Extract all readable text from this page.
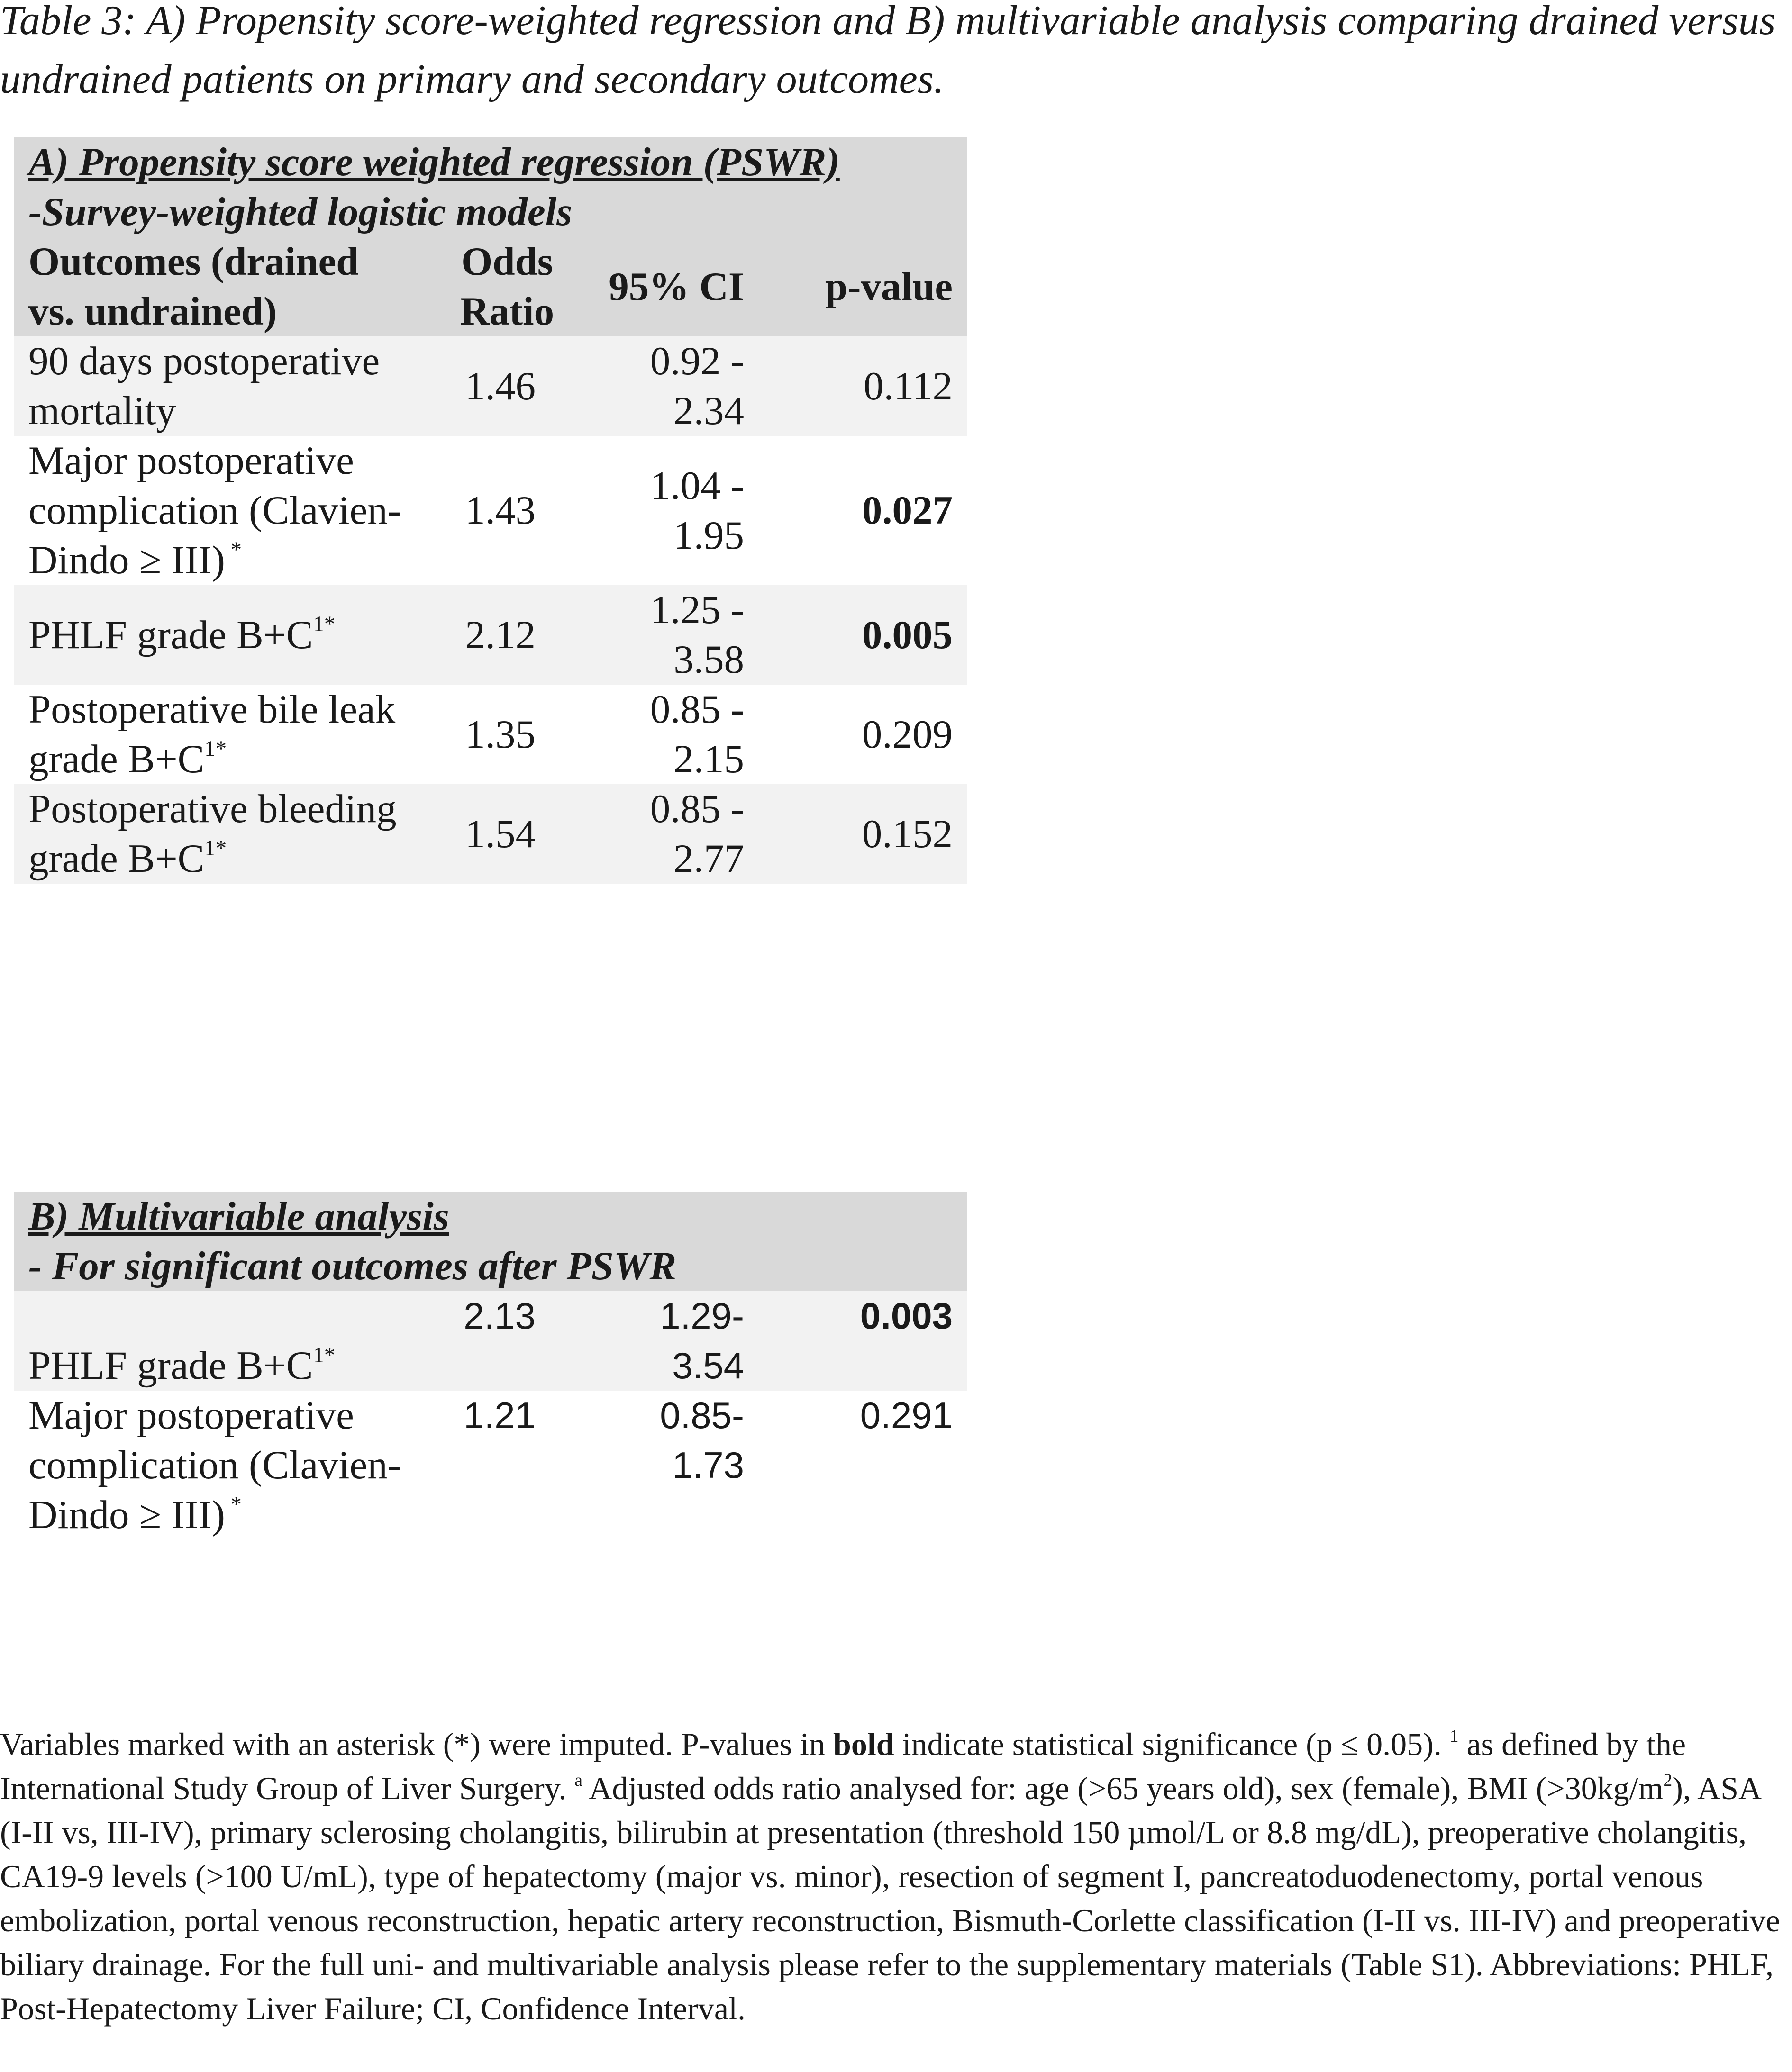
Table 3: A) Propensity score-weighted regression and B) multivariable analysis comparing drained versus undrained patients on primary and secondary outcomes.

A) Propensity score weighted regression (PSWR)
-Survey-weighted logistic models			
Outcomes (drained vs. undrained)	Odds Ratio	95% CI	p-value
90 days postoperative mortality	1.46	0.92 - 2.34	0.112
Major postoperative complication (Clavien-Dindo ≥ III) *	1.43	1.04 - 1.95	0.027
PHLF grade $B+C^{1*}$	2.12	1.25 - 3.58	0.005
Postoperative bile leak grade $B+C^{1*}$	1.35	0.85 - 2.15	0.209
Postoperative bleeding grade $B+C^{1*}$	1.54	0.85 - 2.77	0.152
B) Multivariable analysis
- For significant outcomes after PSWR			
PHLF grade $B+C^{1*}$	2.13	1.29- 3.54	0.003
Major postoperative complication (Clavien-Dindo ≥ III) *	1.21	0.85- 1.73	0.291

Variables marked with an asterisk (*) were imputed. P-values in bold indicate statistical significance (p ≤ 0.05). $^1$ as defined by the International Study Group of Liver Surgery. $^a$ Adjusted odds ratio analysed for: age (>65 years old), sex (female), BMI $(>30kg/m^2)$, ASA (I-II vs, III-IV), primary sclerosing cholangitis, bilirubin at presentation (threshold 150 µmol/L or 8.8 mg/dL), preoperative cholangitis, CA19-9 levels (>100 U/mL), type of hepatectomy (major vs. minor), resection of segment I, pancreatoduodenectomy, portal venous embolization, portal venous reconstruction, hepatic artery reconstruction, Bismuth-Corlette classification (I-II vs. III-IV) and preoperative biliary drainage. For the full uni- and multivariable analysis please refer to the supplementary materials (Table S1). Abbreviations: PHLF, Post-Hepatectomy Liver Failure; CI, Confidence Interval.
